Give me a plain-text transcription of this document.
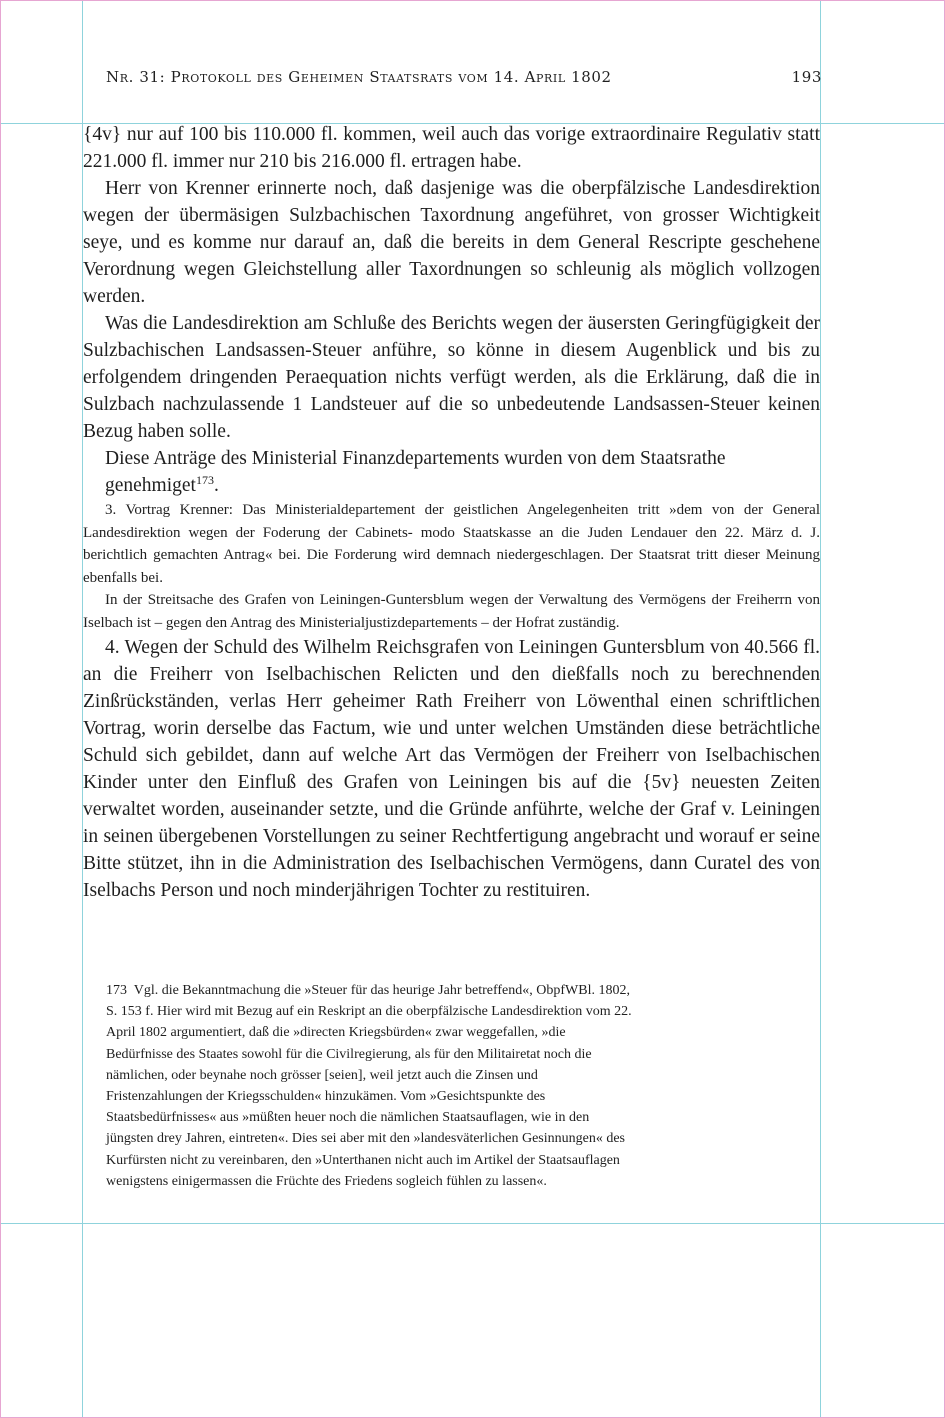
Nr. 31: Protokoll des Geheimen Staatsrats vom 14. April 1802	193

{4v} nur auf 100 bis 110.000 fl. kommen, weil auch das vorige extraordinaire Regulativ statt 221.000 fl. immer nur 210 bis 216.000 fl. ertragen habe.

Herr von Krenner erinnerte noch, daß dasjenige was die oberpfälzische Landesdirektion wegen der übermäsigen Sulzbachischen Taxordnung angeführet, von grosser Wichtigkeit seye, und es komme nur darauf an, daß die bereits in dem General Rescripte geschehene Verordnung wegen Gleichstellung aller Taxordnungen so schleunig als möglich vollzogen werden.

Was die Landesdirektion am Schluße des Berichts wegen der äusersten Geringfügigkeit der Sulzbachischen Landsassen-Steuer anführe, so könne in diesem Augenblick und bis zu erfolgendem dringenden Peraequation nichts verfügt werden, als die Erklärung, daß die in Sulzbach nachzulassende 1 Landsteuer auf die so unbedeutende Landsassen-Steuer keinen Bezug haben solle.

Diese Anträge des Ministerial Finanzdepartements wurden von dem Staatsrathe genehmiget$^{173}$.

3. Vortrag Krenner: Das Ministerialdepartement der geistlichen Angelegenheiten tritt »dem von der General Landesdirektion wegen der Foderung der Cabinets- modo Staatskasse an die Juden Lendauer den 22. März d. J. berichtlich gemachten Antrag« bei. Die Forderung wird demnach niedergeschlagen. Der Staatsrat tritt dieser Meinung ebenfalls bei.

In der Streitsache des Grafen von Leiningen-Guntersblum wegen der Verwaltung des Vermögens der Freiherrn von Iselbach ist – gegen den Antrag des Ministerialjustizdepartements – der Hofrat zuständig.

4. Wegen der Schuld des Wilhelm Reichsgrafen von Leiningen Guntersblum von 40.566 fl. an die Freiherr von Iselbachischen Relicten und den dießfalls noch zu berechnenden Zinßrückständen, verlas Herr geheimer Rath Freiherr von Löwenthal einen schriftlichen Vortrag, worin derselbe das Factum, wie und unter welchen Umständen diese beträchtliche Schuld sich gebildet, dann auf welche Art das Vermögen der Freiherr von Iselbachischen Kinder unter den Einfluß des Grafen von Leiningen bis auf die {5v} neuesten Zeiten verwaltet worden, auseinander setzte, und die Gründe anführte, welche der Graf v. Leiningen in seinen übergebenen Vorstellungen zu seiner Rechtfertigung angebracht und worauf er seine Bitte stützet, ihn in die Administration des Iselbachischen Vermögens, dann Curatel des von Iselbachs Person und noch minderjährigen Tochter zu restituiren.

173 Vgl. die Bekanntmachung die »Steuer für das heurige Jahr betreffend«, ObpfWBl. 1802, S. 153 f. Hier wird mit Bezug auf ein Reskript an die oberpfälzische Landesdirektion vom 22. April 1802 argumentiert, daß die »directen Kriegsbürden« zwar weggefallen, »die Bedürfnisse des Staates sowohl für die Civilregierung, als für den Militairetat noch die nämlichen, oder beynahe noch grösser [seien], weil jetzt auch die Zinsen und Fristenzahlungen der Kriegsschulden« hinzukämen. Vom »Gesichtspunkte des Staatsbedürfnisses« aus »müßten heuer noch die nämlichen Staatsauflagen, wie in den jüngsten drey Jahren, eintreten«. Dies sei aber mit den »landesväterlichen Gesinnungen« des Kurfürsten nicht zu vereinbaren, den »Unterthanen nicht auch im Artikel der Staatsauflagen wenigstens einigermassen die Früchte des Friedens sogleich fühlen zu lassen«.
